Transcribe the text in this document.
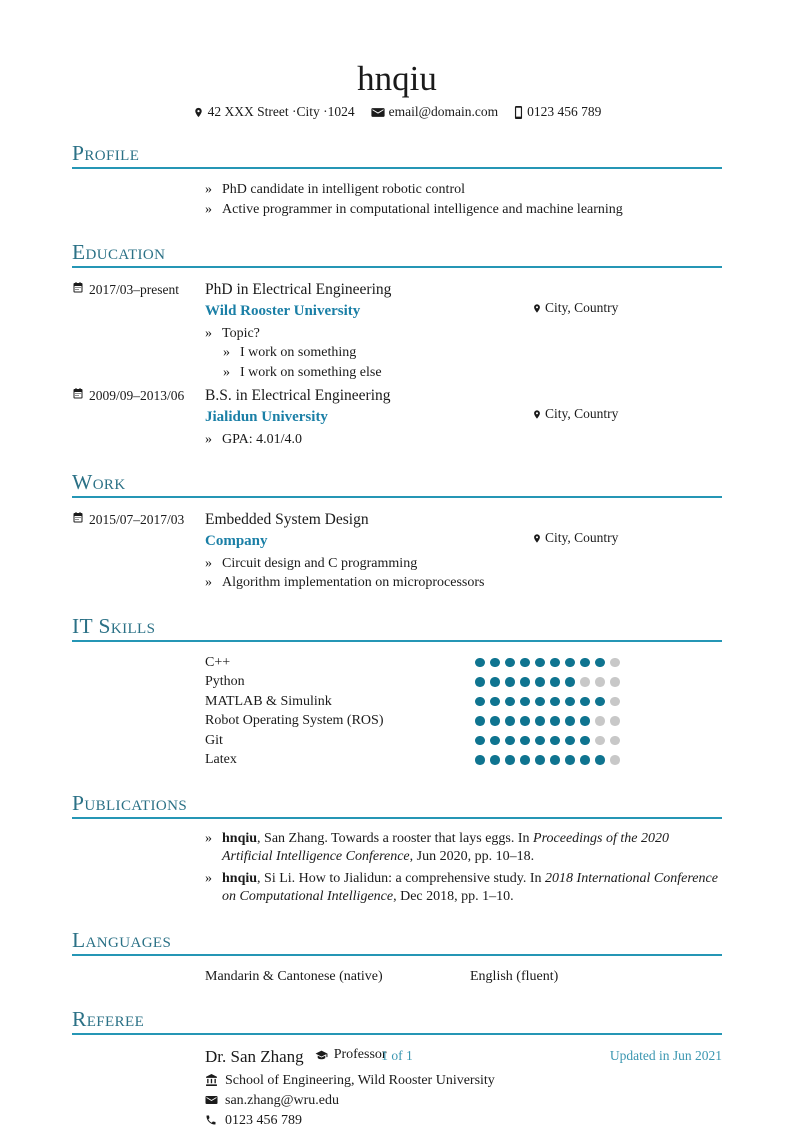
hnqiu
42 XXX Street ·City ·1024	email@domain.com 0123 456 789
Profile
» PhD candidate in intelligent robotic control
» Active programmer in computational intelligence and machine learning
Education
2017/03–present PhD in Electrical Engineering
Wild Rooster University	City, Country
» Topic?
» I work on something
» I work on something else
2009/09–2013/06 B.S. in Electrical Engineering
Jialidun University	City, Country
» GPA: 4.01/4.0
Work
2015/07–2017/03 Embedded System Design
Company	City, Country
» Circuit design and C programming
» Algorithm implementation on microprocessors
IT Skills
C++
Python
MATLAB & Simulink
Robot Operating System (ROS)
Git
Latex
Publications
» hnqiu, San Zhang. Towards a rooster that lays eggs. In Proceedings of the 2020 Artificial Intelligence Conference, Jun 2020, pp. 10–18.
» hnqiu, Si Li. How to Jialidun: a comprehensive study. In 2018 International Conference on Computational Intelligence, Dec 2018, pp. 1–10.
Languages
Mandarin & Cantonese (native)	English (fluent)
Referee
Dr. San Zhang Professor
School of Engineering, Wild Rooster University
san.zhang@wru.edu
0123 456 789
1 of 1	Updated in Jun 2021
